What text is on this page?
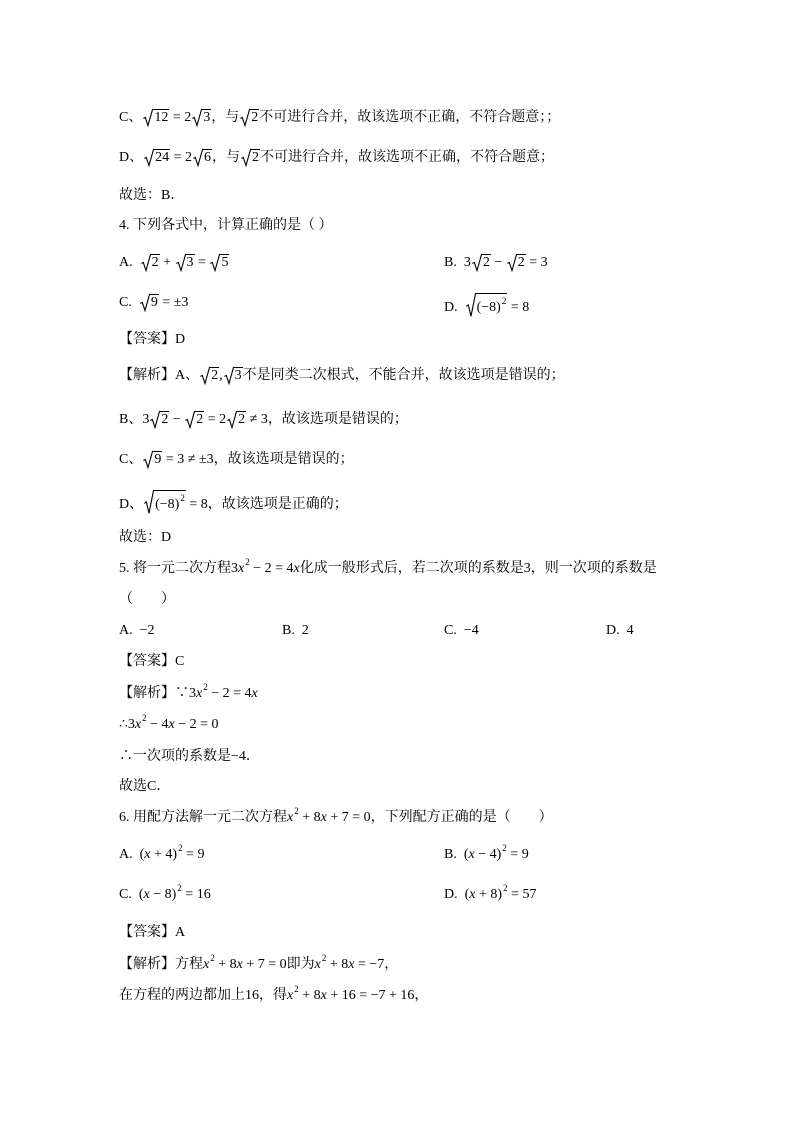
C、 12 = 2 3，与 2不可进行合并，故该选项不正确，不符合题意；；
D、 24 = 2 6，与 2不可进行合并，故该选项不正确，不符合题意；
故选：B．
4. 下列各式中，计算正确的是（ ）
A. 2 +
3 =
5	B. 3 2 −
2 = 3
C. 9 = ±3	D. $(-8)^2 = 8$
【答案】D
【解析】A、 2, 3不是同类二次根式，不能合并，故该选项是错误的；
B、3 2 −
2 = 2 2 ≠ 3，故该选项是错误的；
C、 9 = 3 ≠ ±3，故该选项是错误的；
D、 $(-8)^2 = 8$，故该选项是正确的；
故选：D
5. 将一元二次方程$3x^2 - 2 = 4x$化成一般形式后，若二次项的系数是3，则一次项的系数是
（　　）
A. −2	B. 2	C. −4	D. 4
【答案】C
【解析】$\because 3x^2 - 2 = 4x$
$\therefore 3x^2 - 4x - 2 = 0$
∴一次项的系数是−4．
故选C．
6. 用配方法解一元二次方程$x^2 + 8x + 7 = 0$，下列配方正确的是（　　）
A. $(x + 4)^2 = 9$	B. $(x - 4)^2 = 9$
C. $(x - 8)^2 = 16$	D. $(x + 8)^2 = 57$
【答案】A
【解析】方程$x^2 + 8x + 7 = 0$即为$x^2 + 8x = -7$，
在方程的两边都加上16，得$x^2 + 8x + 16 = -7 + 16$，
